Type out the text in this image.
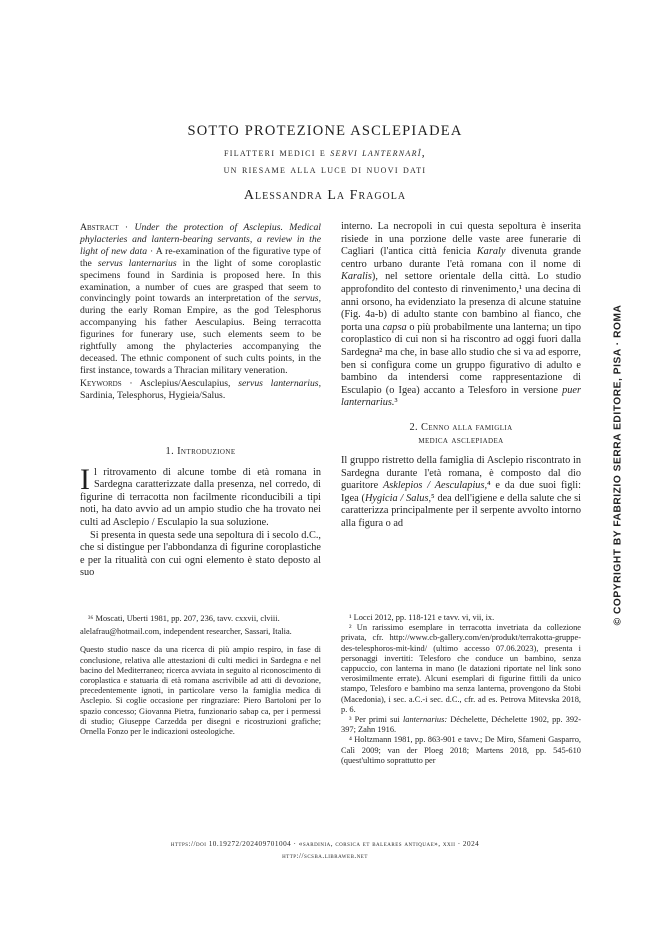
SOTTO PROTEZIONE ASCLEPIADEA
filatteri medici e servi lanternarî,
un riesame alla luce di nuovi dati
Alessandra La Fragola
Abstract · Under the protection of Asclepius. Medical phylacteries and lantern-bearing servants, a review in the light of new data · A re-examination of the figurative type of the servus lanternarius in the light of some coroplastic specimens found in Sardinia is proposed here. In this examination, a number of cues are grasped that seem to convincingly point towards an interpretation of the servus, during the early Roman Empire, as the god Telesphorus accompanying his father Aesculapius. Being terracotta figurines for funerary use, such elements seem to be rightfully among the phylacteries accompanying the deceased. The ethnic component of such cults points, in the first instance, towards a Thracian military veneration.
Keywords · Asclepius/Aesculapius, servus lanternarius, Sardinia, Telesphorus, Hygieia/Salus.
1. Introduzione

Il ritrovamento di alcune tombe di età romana in Sardegna caratterizzate dalla presenza, nel corredo, di figurine di terracotta non facilmente riconducibili a tipi noti, ha dato avvio ad un ampio studio che ha trovato nei culti ad Asclepio / Esculapio la sua soluzione.

Si presenta in questa sede una sepoltura di i secolo d.C., che si distingue per l'abbondanza di figurine coroplastiche e per la ritualità con cui ogni elemento è stato deposto al suo

³⁶ Moscati, Uberti 1981, pp. 207, 236, tavv. cxxvii, clviii.

alelafrau@hotmail.com, independent researcher, Sassari, Italia.

Questo studio nasce da una ricerca di più ampio respiro, in fase di conclusione, relativa alle attestazioni di culti medici in Sardegna e nel bacino del Mediterraneo; ricerca avviata in seguito al riconoscimento di coroplastica e statuaria di età romana ascrivibile ad atti di devozione, precedentemente ignoti, in particolare verso la famiglia medica di Asclepio. Si coglie occasione per ringraziare: Piero Bartoloni per lo spazio concesso; Giovanna Pietra, funzionario sabap ca, per i permessi di studio; Giuseppe Carzedda per disegni e ricostruzioni grafiche; Ornella Fonzo per le indicazioni osteologiche.

interno. La necropoli in cui questa sepoltura è inserita risiede in una porzione delle vaste aree funerarie di Cagliari (l'antica città fenicia Karaly divenuta grande centro urbano durante l'età romana con il nome di Karalis), nel settore orientale della città. Lo studio approfondito del contesto di rinvenimento,¹ una decina di anni orsono, ha evidenziato la presenza di alcune statuine (Fig. 4a-b) di adulto stante con bambino al fianco, che porta una capsa o più probabilmente una lanterna; un tipo coroplastico di cui non si ha riscontro ad oggi fuori dalla Sardegna² ma che, in base allo studio che si va ad esporre, ben si configura come un gruppo figurativo di adulto e bambino da intendersi come rappresentazione di Esculapio (o Igea) accanto a Telesforo in versione puer lanternarius.³

2. Cenno alla famiglia
medica asclepiadea

Il gruppo ristretto della famiglia di Asclepio riscontrato in Sardegna durante l'età romana, è composto dal dio guaritore Asklepios / Aesculapius,⁴ e da due suoi figli: Igea (Hygicia / Salus,⁵ dea dell'igiene e della salute che si caratterizza principalmente per il serpente avvolto intorno alla figura o ad

¹ Locci 2012, pp. 118-121 e tavv. vi, vii, ix.

² Un rarissimo esemplare in terracotta invetriata da collezione privata, cfr. http://www.cb-gallery.com/en/produkt/terrakotta-gruppe-des-telesphoros-mit-kind/ (ultimo accesso 07.06.2023), presenta i personaggi invertiti: Telesforo che conduce un bambino, senza cappuccio, con lanterna in mano (le datazioni riportate nel link sono verosimilmente errate). Alcuni esemplari di figurine fittili da unico stampo, Telesforo e bambino ma senza lanterna, provengono da Stobi (Macedonia), i sec. a.C.-i sec. d.C., cfr. ad es. Petrova Mitevska 2018, p. 6.

³ Per primi sui lanternarius: Déchelette, Déchelette 1902, pp. 392-397; Zahn 1916.

⁴ Holtzmann 1981, pp. 863-901 e tavv.; De Miro, Sfameni Gasparro, Calì 2009; van der Ploeg 2018; Martens 2018, pp. 545-610 (quest'ultimo soprattutto per

https://doi 10.19272/202409701004 · «sardinia, corsica et baleares antiquae», xxii · 2024
http://scsba.libraweb.net
© COPYRIGHT BY FABRIZIO SERRA EDITORE, PISA · ROMA
